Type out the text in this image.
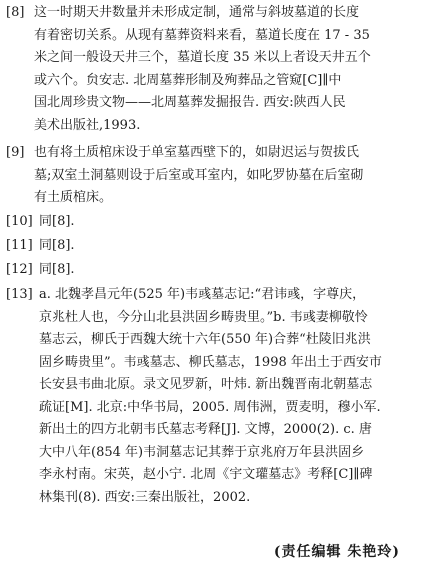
[8] 这一时期天井数量并未形成定制，通常与斜坡墓道的长度
有着密切关系。从现有墓葬资料来看，墓道长度在 17 - 35
米之间一般设天井三个，墓道长度 35 米以上者设天井五个
或六个。贠安志. 北周墓葬形制及殉葬品之管窥[C]∥中
国北周珍贵文物——北周墓葬发掘报告. 西安:陕西人民
美术出版社,1993.
[9] 也有将土质棺床设于单室墓西壁下的，如尉迟运与贺拔氏
墓;双室土洞墓则设于后室或耳室内，如叱罗协墓在后室砌
有土质棺床。
[10] 同[8].
[11] 同[8].
[12] 同[8].
[13] a. 北魏孝昌元年(525 年)韦彧墓志记:“君讳彧，字尊庆，
京兆杜人也，今分山北县洪固乡畴贵里。”b. 韦彧妻柳敬怜
墓志云，柳氏于西魏大统十六年(550 年)合葬“杜陵旧兆洪
固乡畴贵里”。韦彧墓志、柳氏墓志，1998 年出土于西安市
长安县韦曲北原。录文见罗新，叶炜. 新出魏晋南北朝墓志
疏证[M]. 北京:中华书局，2005. 周伟洲，贾麦明，穆小军.
新出土的四方北朝韦氏墓志考释[J]. 文博，2000(2). c. 唐
大中八年(854 年)韦洞墓志记其葬于京兆府万年县洪固乡
李永村南。宋英，赵小宁. 北周《宇文瓘墓志》考释[C]∥碑
林集刊(8). 西安:三秦出版社，2002.
(责任编辑 朱艳玲)
